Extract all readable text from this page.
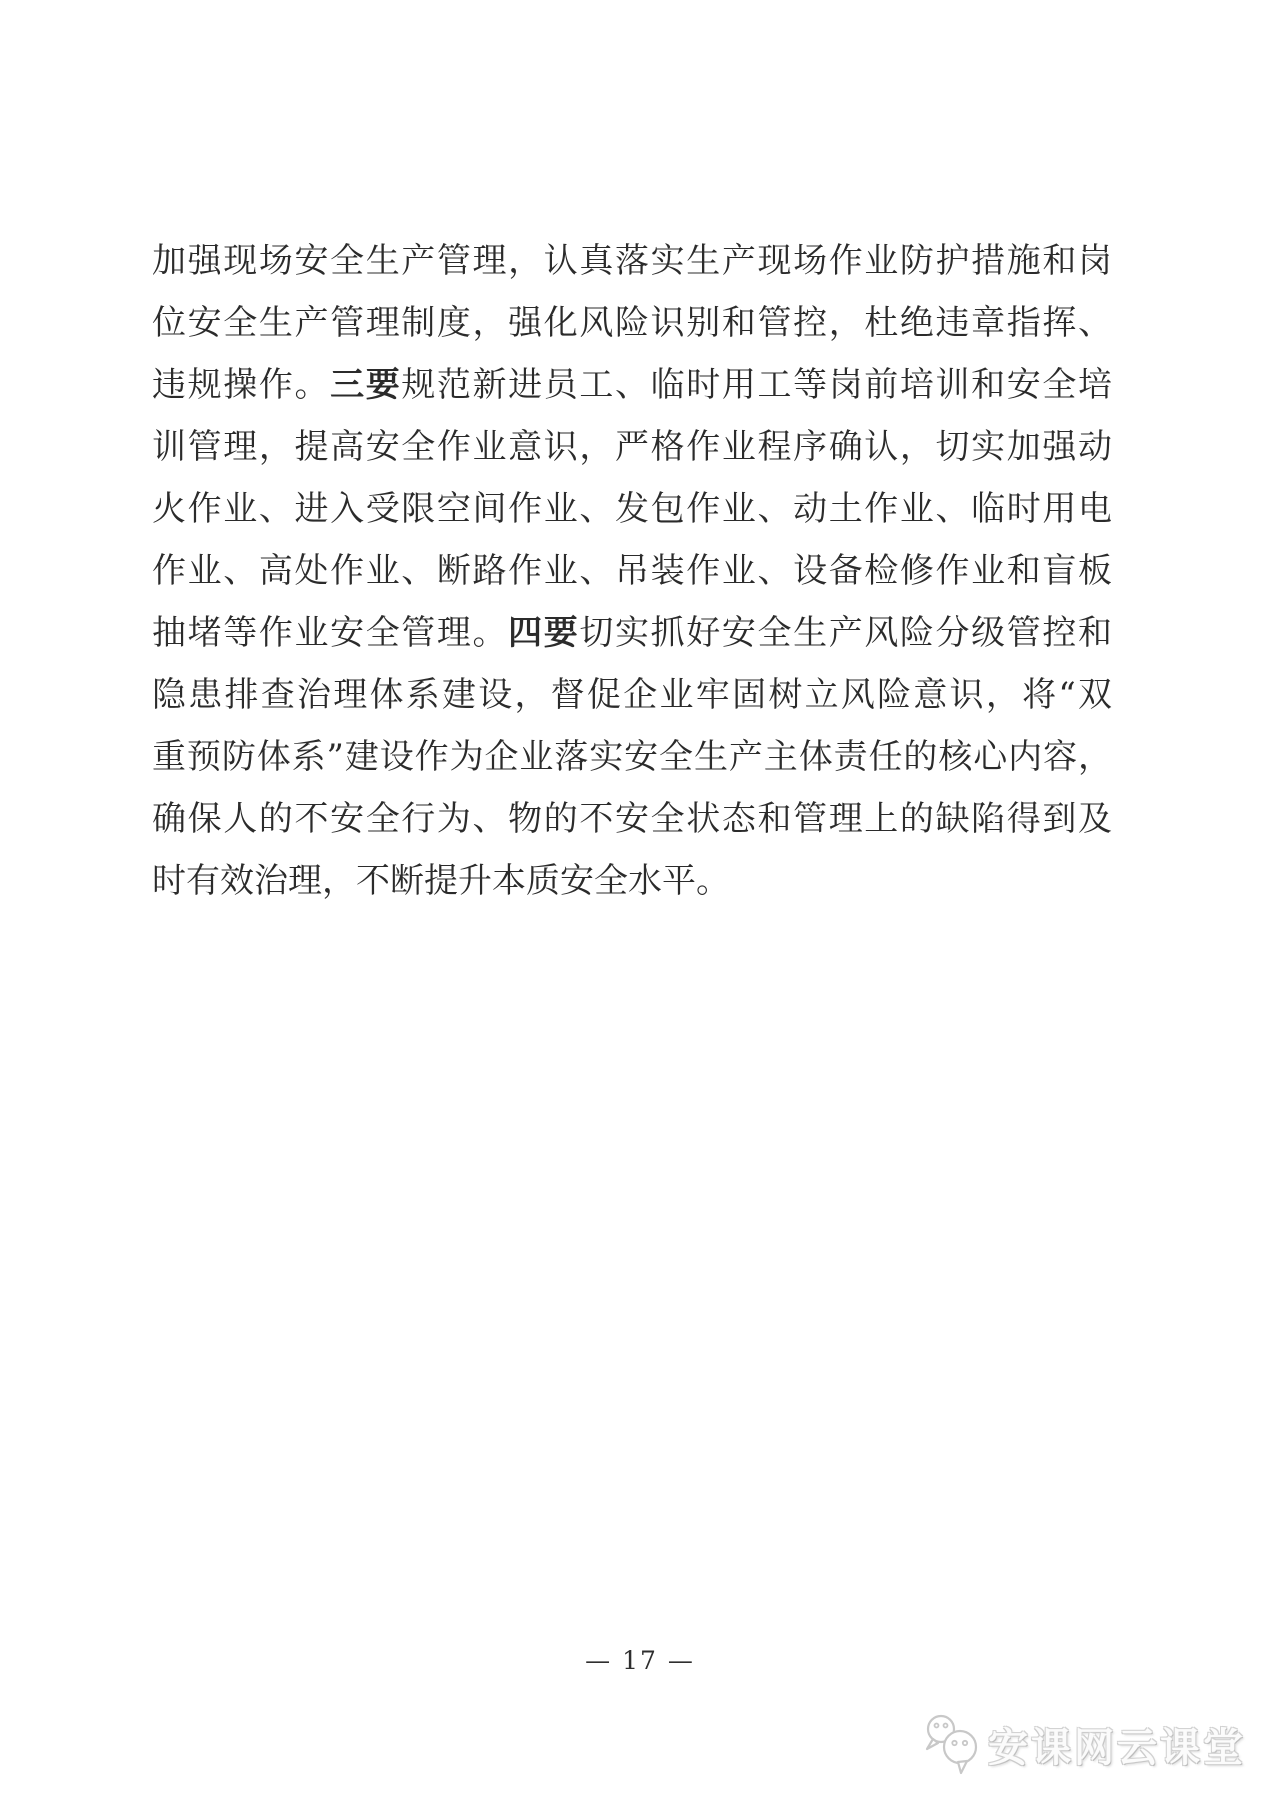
加强现场安全生产管理，认真落实生产现场作业防护措施和岗
位安全生产管理制度，强化风险识别和管控，杜绝违章指挥、
违规操作。三要规范新进员工、临时用工等岗前培训和安全培
训管理，提高安全作业意识，严格作业程序确认，切实加强动
火作业、进入受限空间作业、发包作业、动土作业、临时用电
作业、高处作业、断路作业、吊装作业、设备检修作业和盲板
抽堵等作业安全管理。四要切实抓好安全生产风险分级管控和
隐患排查治理体系建设，督促企业牢固树立风险意识，将“双
重预防体系”建设作为企业落实安全生产主体责任的核心内容，
确保人的不安全行为、物的不安全状态和管理上的缺陷得到及
时有效治理，不断提升本质安全水平。
— 17 —
安课网云课堂
